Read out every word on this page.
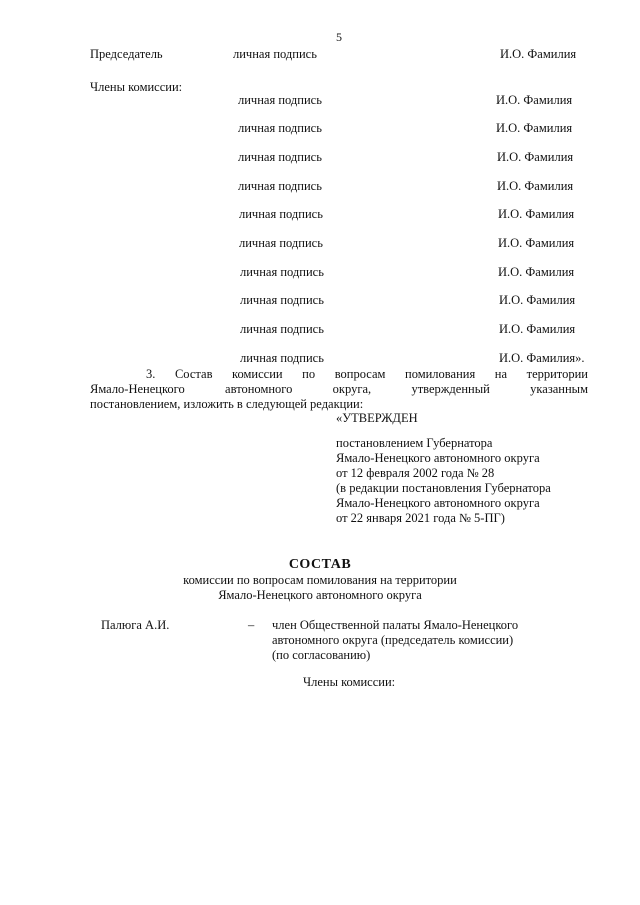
5
Председатель	личная подпись	И.О. Фамилия
Члены комиссии:
личная подпись	И.О. Фамилия
личная подпись	И.О. Фамилия
личная подпись	И.О. Фамилия
личная подпись	И.О. Фамилия
личная подпись	И.О. Фамилия
личная подпись	И.О. Фамилия
личная подпись	И.О. Фамилия
личная подпись	И.О. Фамилия
личная подпись	И.О. Фамилия
личная подпись	И.О. Фамилия».
3. Состав комиссии по вопросам помилования на территории
Ямало-Ненецкого автономного округа, утвержденный указанным
постановлением, изложить в следующей редакции:
«УТВЕРЖДЕН
постановлением Губернатора
Ямало-Ненецкого автономного округа
от 12 февраля 2002 года № 28
(в редакции постановления Губернатора
Ямало-Ненецкого автономного округа
от 22 января 2021 года № 5-ПГ)
СОСТАВ
комиссии по вопросам помилования на территории
Ямало-Ненецкого автономного округа
Палюга А.И.	– член Общественной палаты Ямало-Ненецкого
автономного округа (председатель комиссии)
(по согласованию)
Члены комиссии:
